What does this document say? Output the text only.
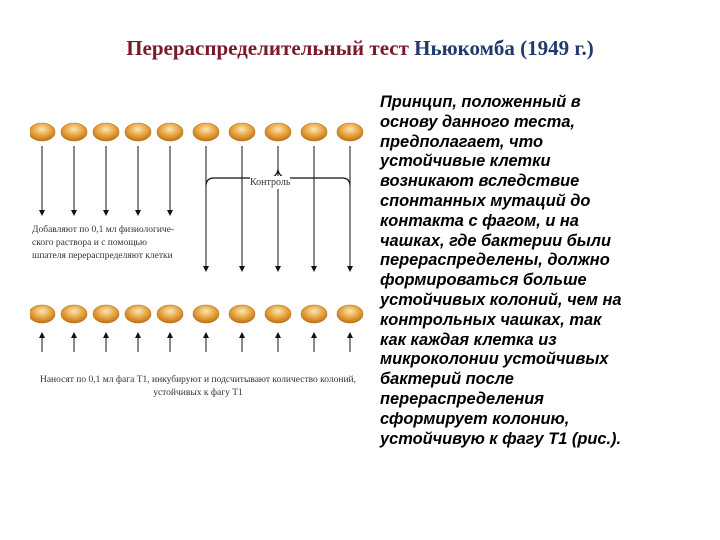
Перераспределительный тест Ньюкомба (1949 г.)
Контроль
Добавляют по 0,1 мл физиологиче-
ского раствора и с помощью
шпателя перераспределяют клетки
Наносят по 0,1 мл фага Т1, инкубируют и подсчитывают количество колоний,
устойчивых к фагу Т1
Принцип, положенный в
основу данного теста,
предполагает, что
устойчивые клетки
возникают вследствие
спонтанных мутаций до
контакта с фагом, и на
чашках, где бактерии были
перераспределены, должно
формироваться больше
устойчивых колоний, чем на
контрольных чашках, так
как каждая клетка из
микроколонии устойчивых
бактерий после
перераспределения
сформирует колонию,
устойчивую к фагу Т1 (рис.).
